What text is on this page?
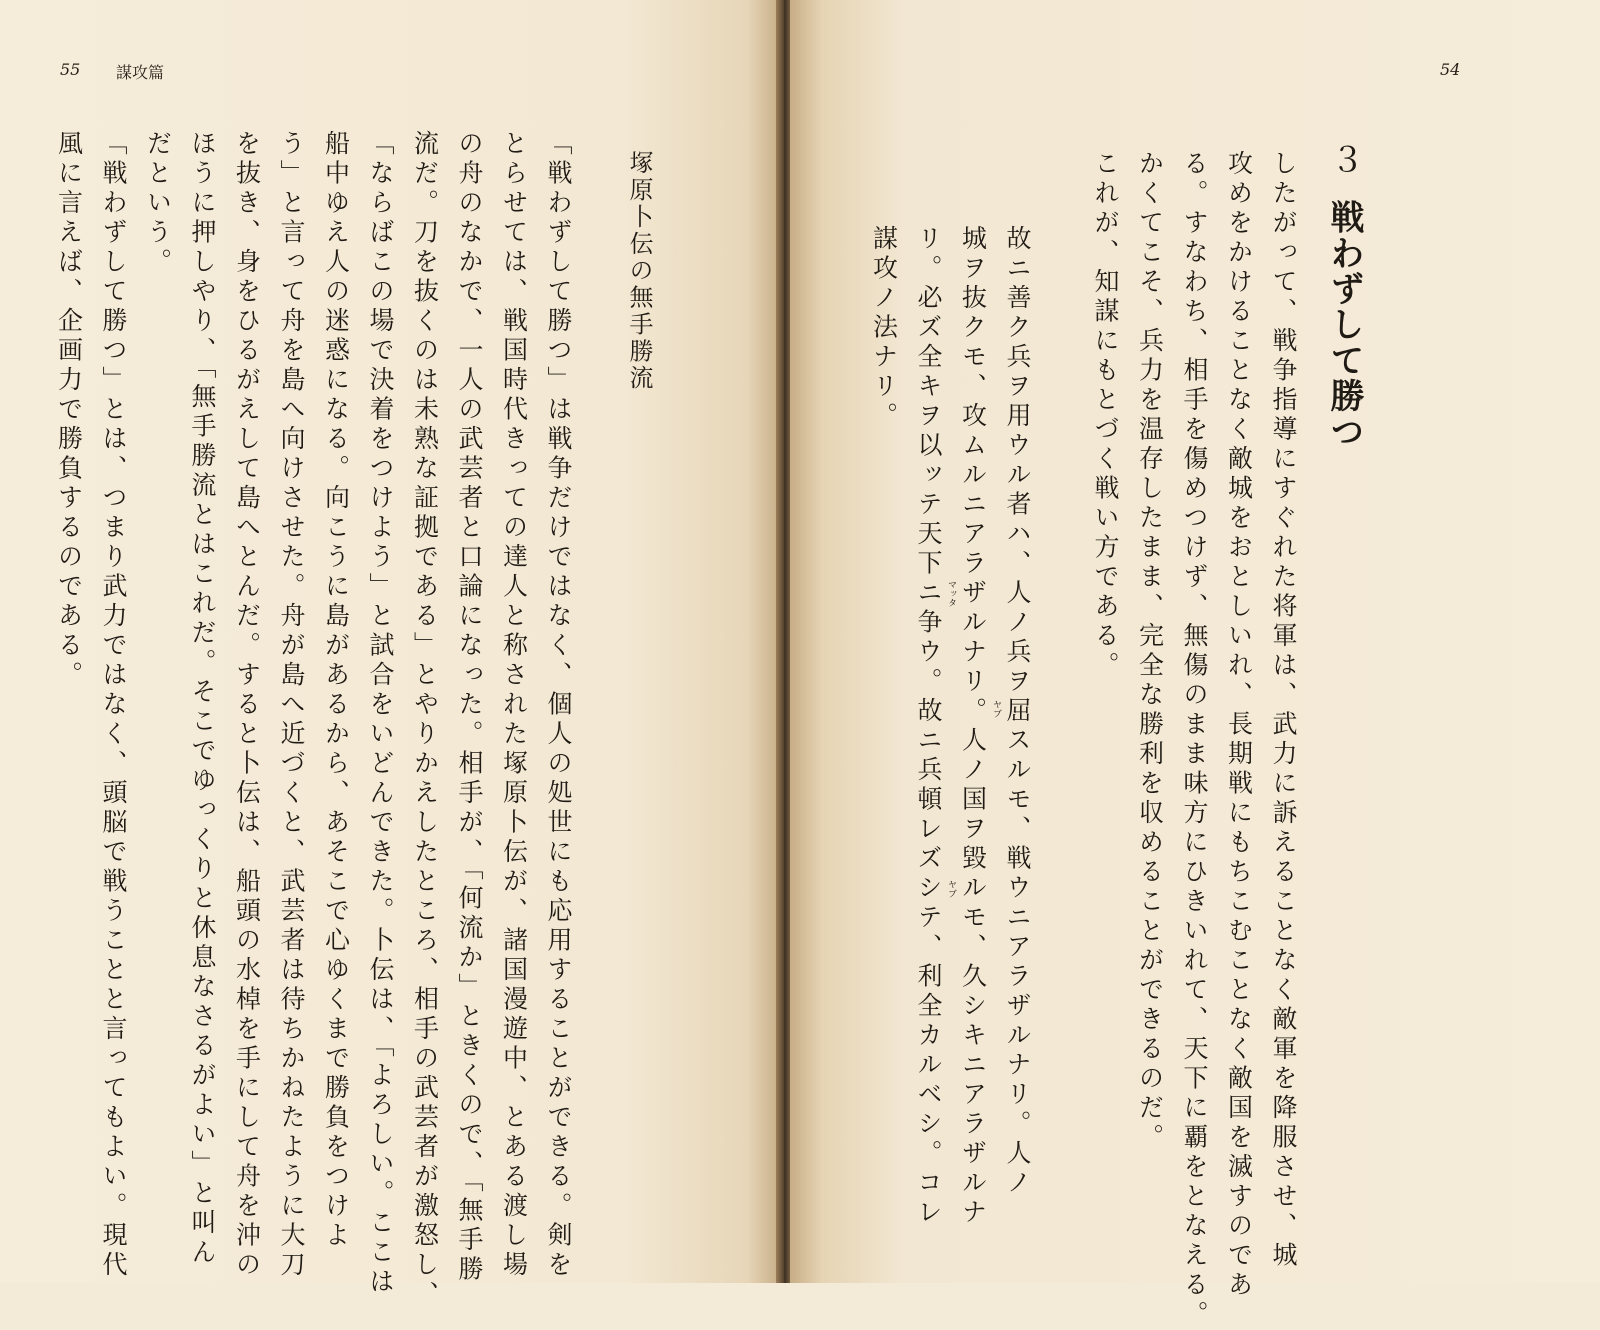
55 謀攻篇
塚原卜伝の無手勝流

「戦わずして勝つ」は戦争だけではなく、個人の処世にも応用することができる。剣を

とらせては、戦国時代きっての達人と称された塚原卜伝が、諸国漫遊中、とある渡し場

の舟のなかで、一人の武芸者と口論になった。相手が、「何流か」ときくので、「無手勝

流だ。刀を抜くのは未熟な証拠である」とやりかえしたところ、相手の武芸者が激怒し、

「ならばこの場で決着をつけよう」と試合をいどんできた。卜伝は、「よろしい。ここは

船中ゆえ人の迷惑になる。向こうに島があるから、あそこで心ゆくまで勝負をつけよ

う」と言って舟を島へ向けさせた。舟が島へ近づくと、武芸者は待ちかねたように大刀

を抜き、身をひるがえして島へとんだ。すると卜伝は、船頭の水棹を手にして舟を沖の

ほうに押しやり、「無手勝流とはこれだ。そこでゆっくりと休息なさるがよい」と叫ん

だという。

「戦わずして勝つ」とは、つまり武力ではなく、頭脳で戦うことと言ってもよい。現代

風に言えば、企画力で勝負するのである。

54
３戦わずして勝つ

したがって、戦争指導にすぐれた将軍は、武力に訴えることなく敵軍を降服させ、城

攻めをかけることなく敵城をおとしいれ、長期戦にもちこむことなく敵国を滅すのであ

る。すなわち、相手を傷めつけず、無傷のまま味方にひきいれて、天下に覇をとなえる。

かくてこそ、兵力を温存したまま、完全な勝利を収めることができるのだ。

これが、知謀にもとづく戦い方である。

故ニ善ク兵ヲ用ウル者ハ、人ノ兵ヲ屈スルモ、戦ウニアラザルナリ。人ノ

城ヲ抜クモ、攻ムルニアラザルナリ。人ノ国ヲ毀ルモ、久シキニアラザルナ

リ。必ズ全キヲ以ッテ天下ニ争ウ。故ニ兵頓レズシテ、利全カルベシ。コレ

謀攻ノ法ナリ。

ヤブ
マッタ
ヤブ
